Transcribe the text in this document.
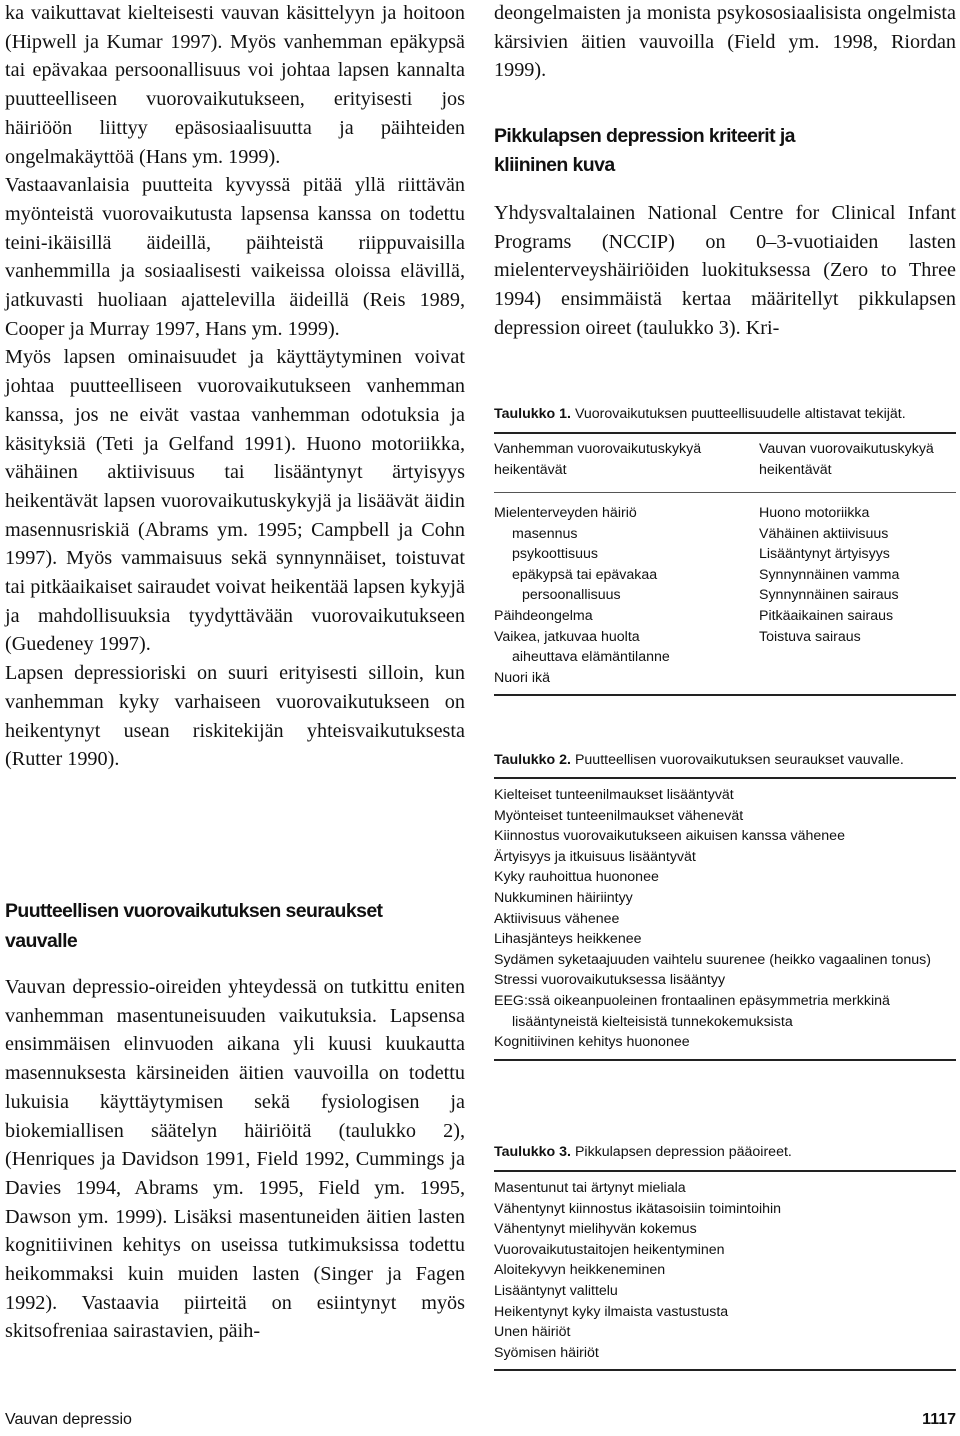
ka vaikuttavat kielteisesti vauvan käsittelyyn ja hoitoon (Hipwell ja Kumar 1997). Myös vanhemman epäkypsä tai epävakaa persoonallisuus voi johtaa lapsen kannalta puutteelliseen vuorovaikutukseen, erityisesti jos häiriöön liittyy epäsosiaalisuutta ja päihteiden ongelmakäyttöä (Hans ym. 1999).

Vastaavanlaisia puutteita kyvyssä pitää yllä riittävän myönteistä vuorovaikutusta lapsensa kanssa on todettu teini-ikäisillä äideillä, päihteistä riippuvaisilla vanhemmilla ja sosiaalisesti vaikeissa oloissa elävillä, jatkuvasti huoliaan ajattelevilla äideillä (Reis 1989, Cooper ja Murray 1997, Hans ym. 1999).

Myös lapsen ominaisuudet ja käyttäytyminen voivat johtaa puutteelliseen vuorovaikutukseen vanhemman kanssa, jos ne eivät vastaa vanhemman odotuksia ja käsityksiä (Teti ja Gelfand 1991). Huono motoriikka, vähäinen aktiivisuus tai lisääntynyt ärtyisyys heikentävät lapsen vuorovaikutuskykyjä ja lisäävät äidin masennusriskiä (Abrams ym. 1995; Campbell ja Cohn 1997). Myös vammaisuus sekä synnynnäiset, toistuvat tai pitkäaikaiset sairaudet voivat heikentää lapsen kykyjä ja mahdollisuuksia tyydyttävään vuorovaikutukseen (Guedeney 1997).

Lapsen depressioriski on suuri erityisesti silloin, kun vanhemman kyky varhaiseen vuorovaikutukseen on heikentynyt usean riskitekijän yhteisvaikutuksesta (Rutter 1990).

Puutteellisen vuorovaikutuksen seuraukset vauvalle

Vauvan depressio-oireiden yhteydessä on tutkittu eniten vanhemman masentuneisuuden vaikutuksia. Lapsensa ensimmäisen elinvuoden aikana yli kuusi kuukautta masennuksesta kärsineiden äitien vauvoilla on todettu lukuisia käyttäytymisen sekä fysiologisen ja biokemiallisen säätelyn häiriöitä (taulukko 2), (Henriques ja Davidson 1991, Field 1992, Cummings ja Davies 1994, Abrams ym. 1995, Field ym. 1995, Dawson ym. 1999). Lisäksi masentuneiden äitien lasten kognitiivinen kehitys on useissa tutkimuksissa todettu heikommaksi kuin muiden lasten (Singer ja Fagen 1992). Vastaavia piirteitä on esiintynyt myös skitsofreniaa sairastavien, päih-

deongelmaisten ja monista psykososiaalisista ongelmista kärsivien äitien vauvoilla (Field ym. 1998, Riordan 1999).

Pikkulapsen depression kriteerit ja kliininen kuva

Yhdysvaltalainen National Centre for Clinical Infant Programs (NCCIP) on 0–3-vuotiaiden lasten mielenterveyshäiriöiden luokituksessa (Zero to Three 1994) ensimmäistä kertaa määritellyt pikkulapsen depression oireet (taulukko 3). Kri-

Taulukko 1. Vuorovaikutuksen puutteellisuudelle altistavat tekijät.
Vanhemman vuorovaikutuskykyä heikentävät
Vauvan vuorovaikutuskykyä heikentävät
Mielenterveyden häiriö
masennus
psykoottisuus
epäkypsä tai epävakaa
persoonallisuus
Päihdeongelma
Vaikea, jatkuvaa huolta aiheuttava elämäntilanne
Nuori ikä
Huono motoriikka
Vähäinen aktiivisuus
Lisääntynyt ärtyisyys
Synnynnäinen vamma
Synnynnäinen sairaus
Pitkäaikainen sairaus
Toistuva sairaus
Taulukko 2. Puutteellisen vuorovaikutuksen seuraukset vauvalle.
Kielteiset tunteenilmaukset lisääntyvät
Myönteiset tunteenilmaukset vähenevät
Kiinnostus vuorovaikutukseen aikuisen kanssa vähenee
Ärtyisyys ja itkuisuus lisääntyvät
Kyky rauhoittua huononee
Nukkuminen häiriintyy
Aktiivisuus vähenee
Lihasjänteys heikkenee
Sydämen syketaajuuden vaihtelu suurenee (heikko vagaalinen tonus)
Stressi vuorovaikutuksessa lisääntyy
EEG:ssä oikeanpuoleinen frontaalinen epäsymmetria merkkinä lisääntyneistä kielteisistä tunnekokemuksista
Kognitiivinen kehitys huononee
Taulukko 3. Pikkulapsen depression pääoireet.
Masentunut tai ärtynyt mieliala
Vähentynyt kiinnostus ikätasoisiin toimintoihin
Vähentynyt mielihyvän kokemus
Vuorovaikutustaitojen heikentyminen
Aloitekyvyn heikkeneminen
Lisääntynyt valittelu
Heikentynyt kyky ilmaista vastustusta
Unen häiriöt
Syömisen häiriöt
Vauvan depressio	1117
